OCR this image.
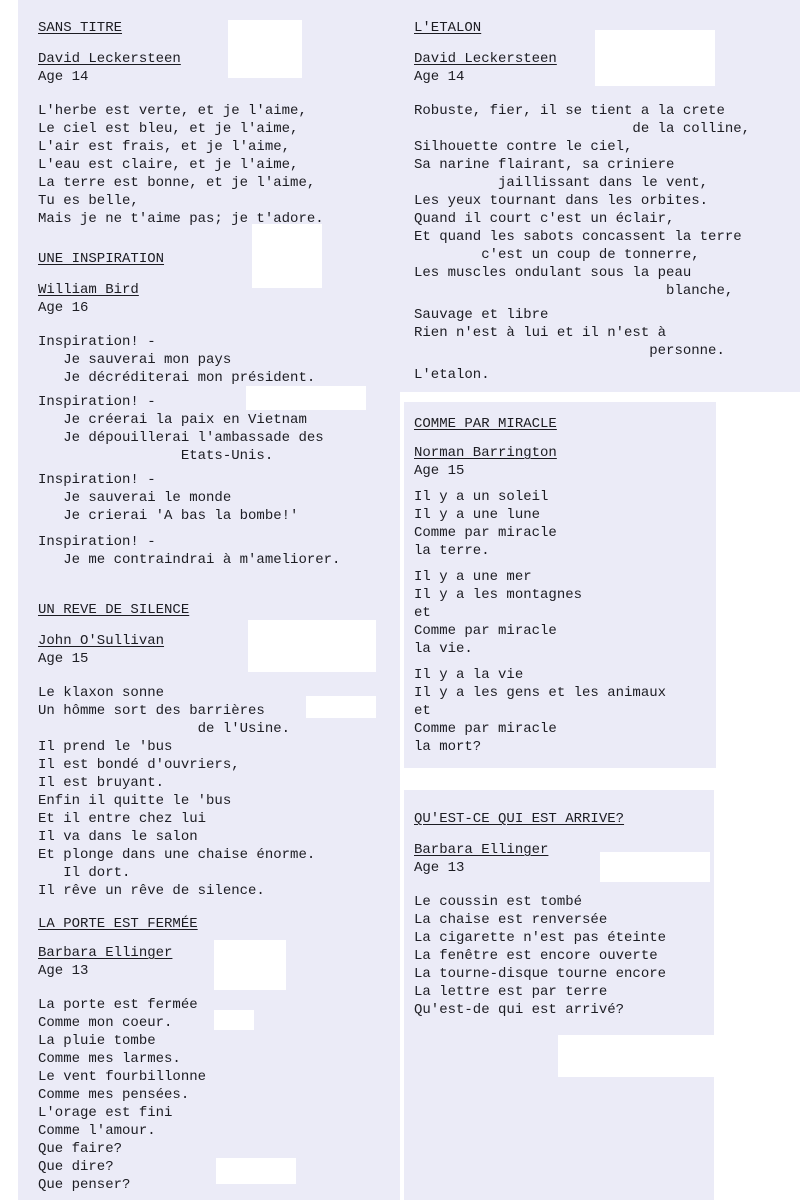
SANS TITRE
David Leckersteen
Age 14
L'herbe est verte, et je l'aime,
Le ciel est bleu, et je l'aime,
L'air est frais, et je l'aime,
L'eau est claire, et je l'aime,
La terre est bonne, et je l'aime,
Tu es belle,
Mais je ne t'aime pas; je t'adore.
UNE INSPIRATION
William Bird
Age 16
Inspiration! -
Je sauverai mon pays
Je décréditerai mon président.
Inspiration! -
Je créerai la paix en Vietnam
Je dépouillerai l'ambassade des
Etats-Unis.
Inspiration! -
Je sauverai le monde
Je crierai 'A bas la bombe!'
Inspiration! -
Je me contraindrai à m'ameliorer.
UN REVE DE SILENCE
John O'Sullivan
Age 15
Le klaxon sonne
Un hômme sort des barrières
de l'Usine.
Il prend le 'bus
Il est bondé d'ouvriers,
Il est bruyant.
Enfin il quitte le 'bus
Et il entre chez lui
Il va dans le salon
Et plonge dans une chaise énorme.
Il dort.
Il rêve un rêve de silence.
LA PORTE EST FERMÉE
Barbara Ellinger
Age 13
La porte est fermée
Comme mon coeur.
La pluie tombe
Comme mes larmes.
Le vent fourbillonne
Comme mes pensées.
L'orage est fini
Comme l'amour.
Que faire?
Que dire?
Que penser?
L'ETALON
David Leckersteen
Age 14
Robuste, fier, il se tient a la crete
de la colline,
Silhouette contre le ciel,
Sa narine flairant, sa criniere
jaillissant dans le vent,
Les yeux tournant dans les orbites.
Quand il court c'est un éclair,
Et quand les sabots concassent la terre
c'est un coup de tonnerre,
Les muscles ondulant sous la peau
blanche,
Sauvage et libre
Rien n'est à lui et il n'est à
personne.
L'etalon.
COMME PAR MIRACLE
Norman Barrington
Age 15
Il y a un soleil
Il y a une lune
Comme par miracle
la terre.
Il y a une mer
Il y a les montagnes
et
Comme par miracle
la vie.
Il y a la vie
Il y a les gens et les animaux
et
Comme par miracle
la mort?
QU'EST-CE QUI EST ARRIVE?
Barbara Ellinger
Age 13
Le coussin est tombé
La chaise est renversée
La cigarette n'est pas éteinte
La fenêtre est encore ouverte
La tourne-disque tourne encore
La lettre est par terre
Qu'est-de qui est arrivé?
